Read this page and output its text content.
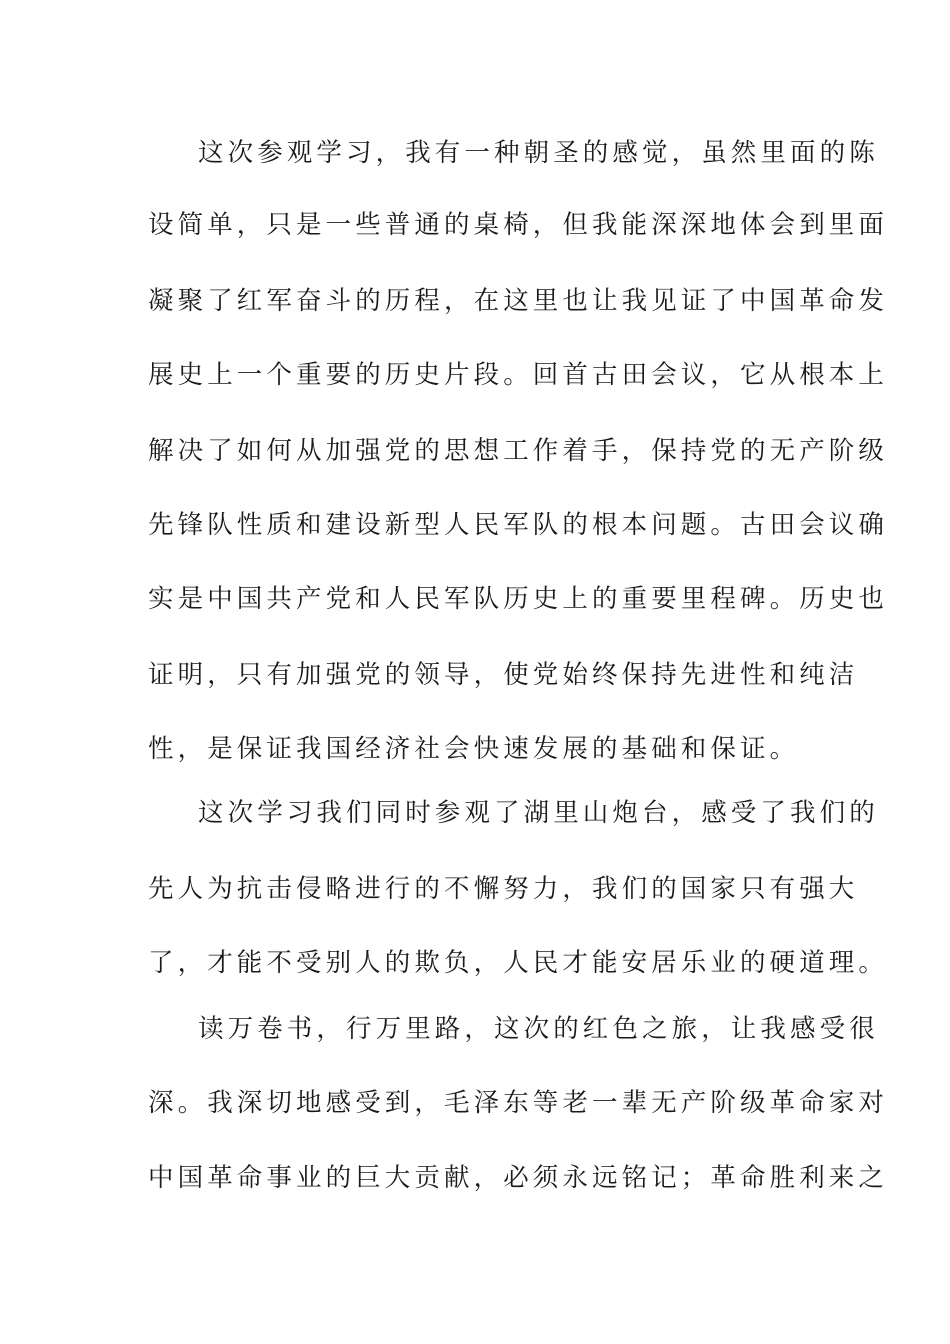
这次参观学习，我有一种朝圣的感觉，虽然里面的陈
设简单，只是一些普通的桌椅，但我能深深地体会到里面
凝聚了红军奋斗的历程，在这里也让我见证了中国革命发
展史上一个重要的历史片段。回首古田会议，它从根本上
解决了如何从加强党的思想工作着手，保持党的无产阶级
先锋队性质和建设新型人民军队的根本问题。古田会议确
实是中国共产党和人民军队历史上的重要里程碑。历史也
证明，只有加强党的领导，使党始终保持先进性和纯洁
性，是保证我国经济社会快速发展的基础和保证。
这次学习我们同时参观了湖里山炮台，感受了我们的
先人为抗击侵略进行的不懈努力，我们的国家只有强大
了，才能不受别人的欺负，人民才能安居乐业的硬道理。
读万卷书，行万里路，这次的红色之旅，让我感受很
深。我深切地感受到，毛泽东等老一辈无产阶级革命家对
中国革命事业的巨大贡献，必须永远铭记；革命胜利来之
